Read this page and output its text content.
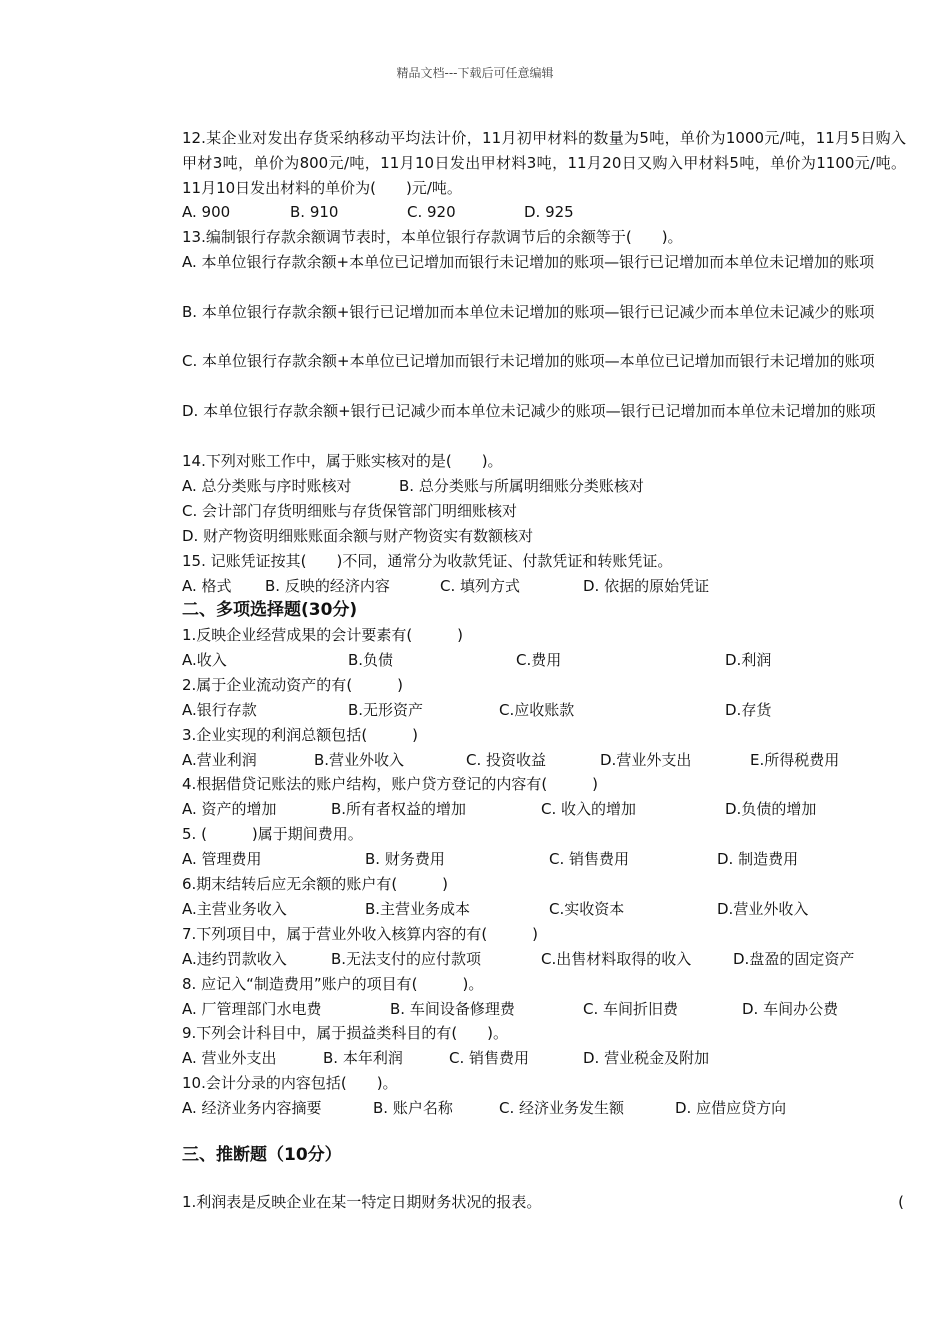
精品文档---下载后可任意编辑
12.某企业对发出存货采纳移动平均法计价，11月初甲材料的数量为5吨，单价为1000元/吨，11月5日购入甲材3吨，单价为800元/吨，11月10日发出甲材料3吨，11月20日又购入甲材料5吨，单价为1100元/吨。11月10日发出材料的单价为(　　)元/吨。
A. 900	B. 910	C. 920	D. 925
13.编制银行存款余额调节表时，本单位银行存款调节后的余额等于(　　)。
A. 本单位银行存款余额+本单位已记增加而银行未记增加的账项—银行已记增加而本单位未记增加的账项
B. 本单位银行存款余额+银行已记增加而本单位未记增加的账项—银行已记减少而本单位未记减少的账项
C. 本单位银行存款余额+本单位已记增加而银行未记增加的账项—本单位已记增加而银行未记增加的账项
D. 本单位银行存款余额+银行已记减少而本单位未记减少的账项—银行已记增加而本单位未记增加的账项
14.下列对账工作中，属于账实核对的是(　　)。
A. 总分类账与序时账核对	B. 总分类账与所属明细账分类账核对
C. 会计部门存货明细账与存货保管部门明细账核对
D. 财产物资明细账账面余额与财产物资实有数额核对
15. 记账凭证按其(　　)不同，通常分为收款凭证、付款凭证和转账凭证。
A. 格式 B. 反映的经济内容	C. 填列方式	D. 依据的原始凭证
二、多项选择题(30分)
1.反映企业经营成果的会计要素有(　　　)
A.收入	B.负债	C.费用	D.利润
2.属于企业流动资产的有(　　　)
A.银行存款	B.无形资产	C.应收账款	D.存货
3.企业实现的利润总额包括(　　　)
A.营业利润	B.营业外收入	C. 投资收益	D.营业外支出	E.所得税费用
4.根据借贷记账法的账户结构，账户贷方登记的内容有(　　　)
A. 资产的增加	B.所有者权益的增加	C. 收入的增加	D.负债的增加
5. (　　　)属于期间费用。
A. 管理费用	B. 财务费用	C. 销售费用	D. 制造费用
6.期末结转后应无余额的账户有(　　　)
A.主营业务收入	B.主营业务成本	C.实收资本	D.营业外收入
7.下列项目中，属于营业外收入核算内容的有(　　　)
A.违约罚款收入	B.无法支付的应付款项	C.出售材料取得的收入	D.盘盈的固定资产
8. 应记入“制造费用”账户的项目有(　　　)。
A. 厂管理部门水电费	B. 车间设备修理费	C. 车间折旧费	D. 车间办公费
9.下列会计科目中，属于损益类科目的有(　　)。
A. 营业外支出	B. 本年利润	C. 销售费用	D. 营业税金及附加
10.会计分录的内容包括(　　)。
A. 经济业务内容摘要	B. 账户名称	C. 经济业务发生额	D. 应借应贷方向
三、推断题（10分）
1.利润表是反映企业在某一特定日期财务状况的报表。	(
